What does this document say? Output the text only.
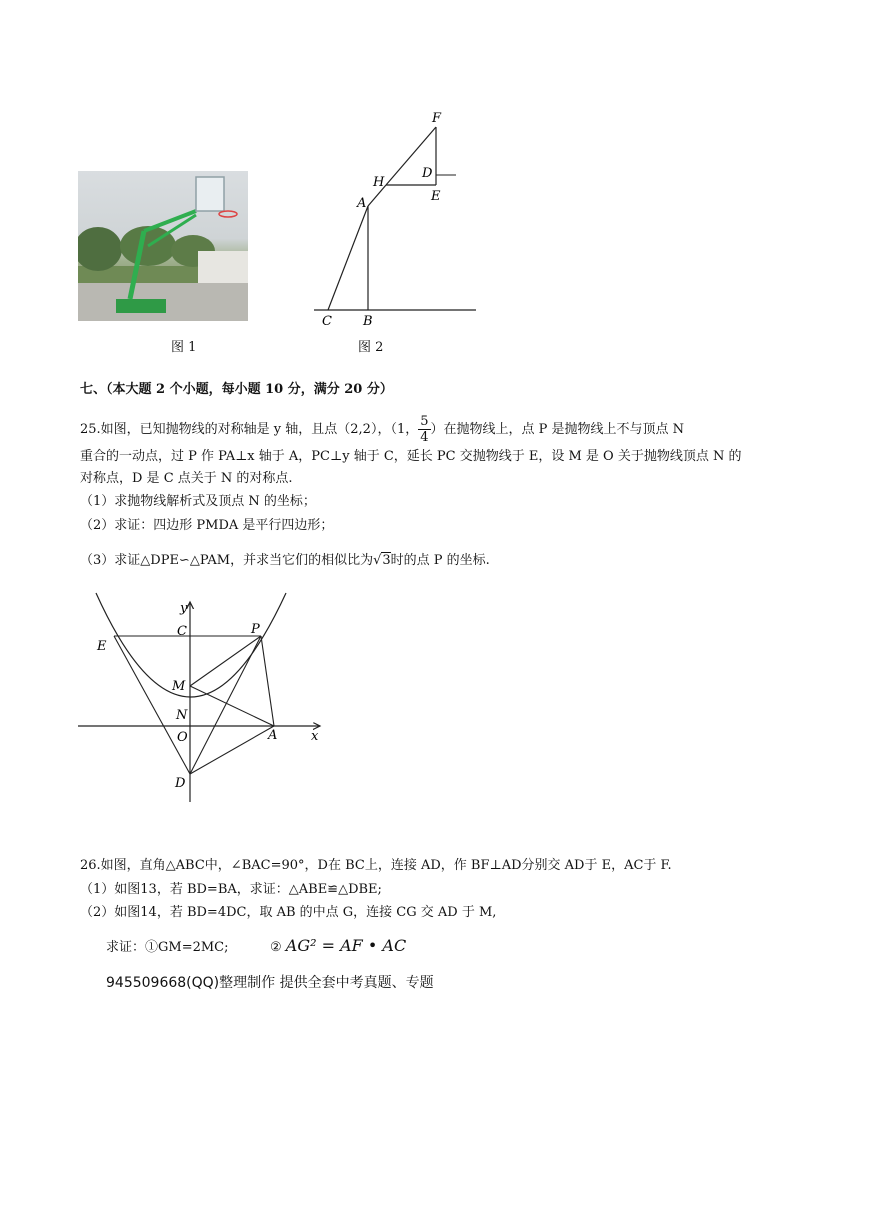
图 1
F
D
H
E
A
C B
图 2
七、（本大题 2 个小题，每小题 10 分，满分 20 分）
25.如图，已知抛物线的对称轴是 y 轴，且点（2,2），（1， $\frac{5}{4}$ ）在抛物线上，点 P 是抛物线上不与顶点 N
重合的一动点，过 P 作 PA⊥x 轴于 A，PC⊥y 轴于 C，延长 PC 交抛物线于 E，设 M 是 O 关于抛物线顶点 N 的
对称点，D 是 C 点关于 N 的对称点.
（1）求抛物线解析式及顶点 N 的坐标；
（2）求证：四边形 PMDA 是平行四边形；
（3）求证△DPE∽△PAM，并求当它们的相似比为√3时的点 P 的坐标.
y
x
C	P
E
M
N
O	A
D
26.如图，直角△ABC中，∠BAC=90°，D在 BC上，连接 AD，作 BF⊥AD分别交 AD于 E，AC于 F.
（1）如图13，若 BD=BA，求证：△ABE≌△DBE;
（2）如图14，若 BD=4DC，取 AB 的中点 G，连接 CG 交 AD 于 M,
求证：①GM=2MC;	② AG² = AF • AC
945509668(QQ)整理制作 提供全套中考真题、专题
